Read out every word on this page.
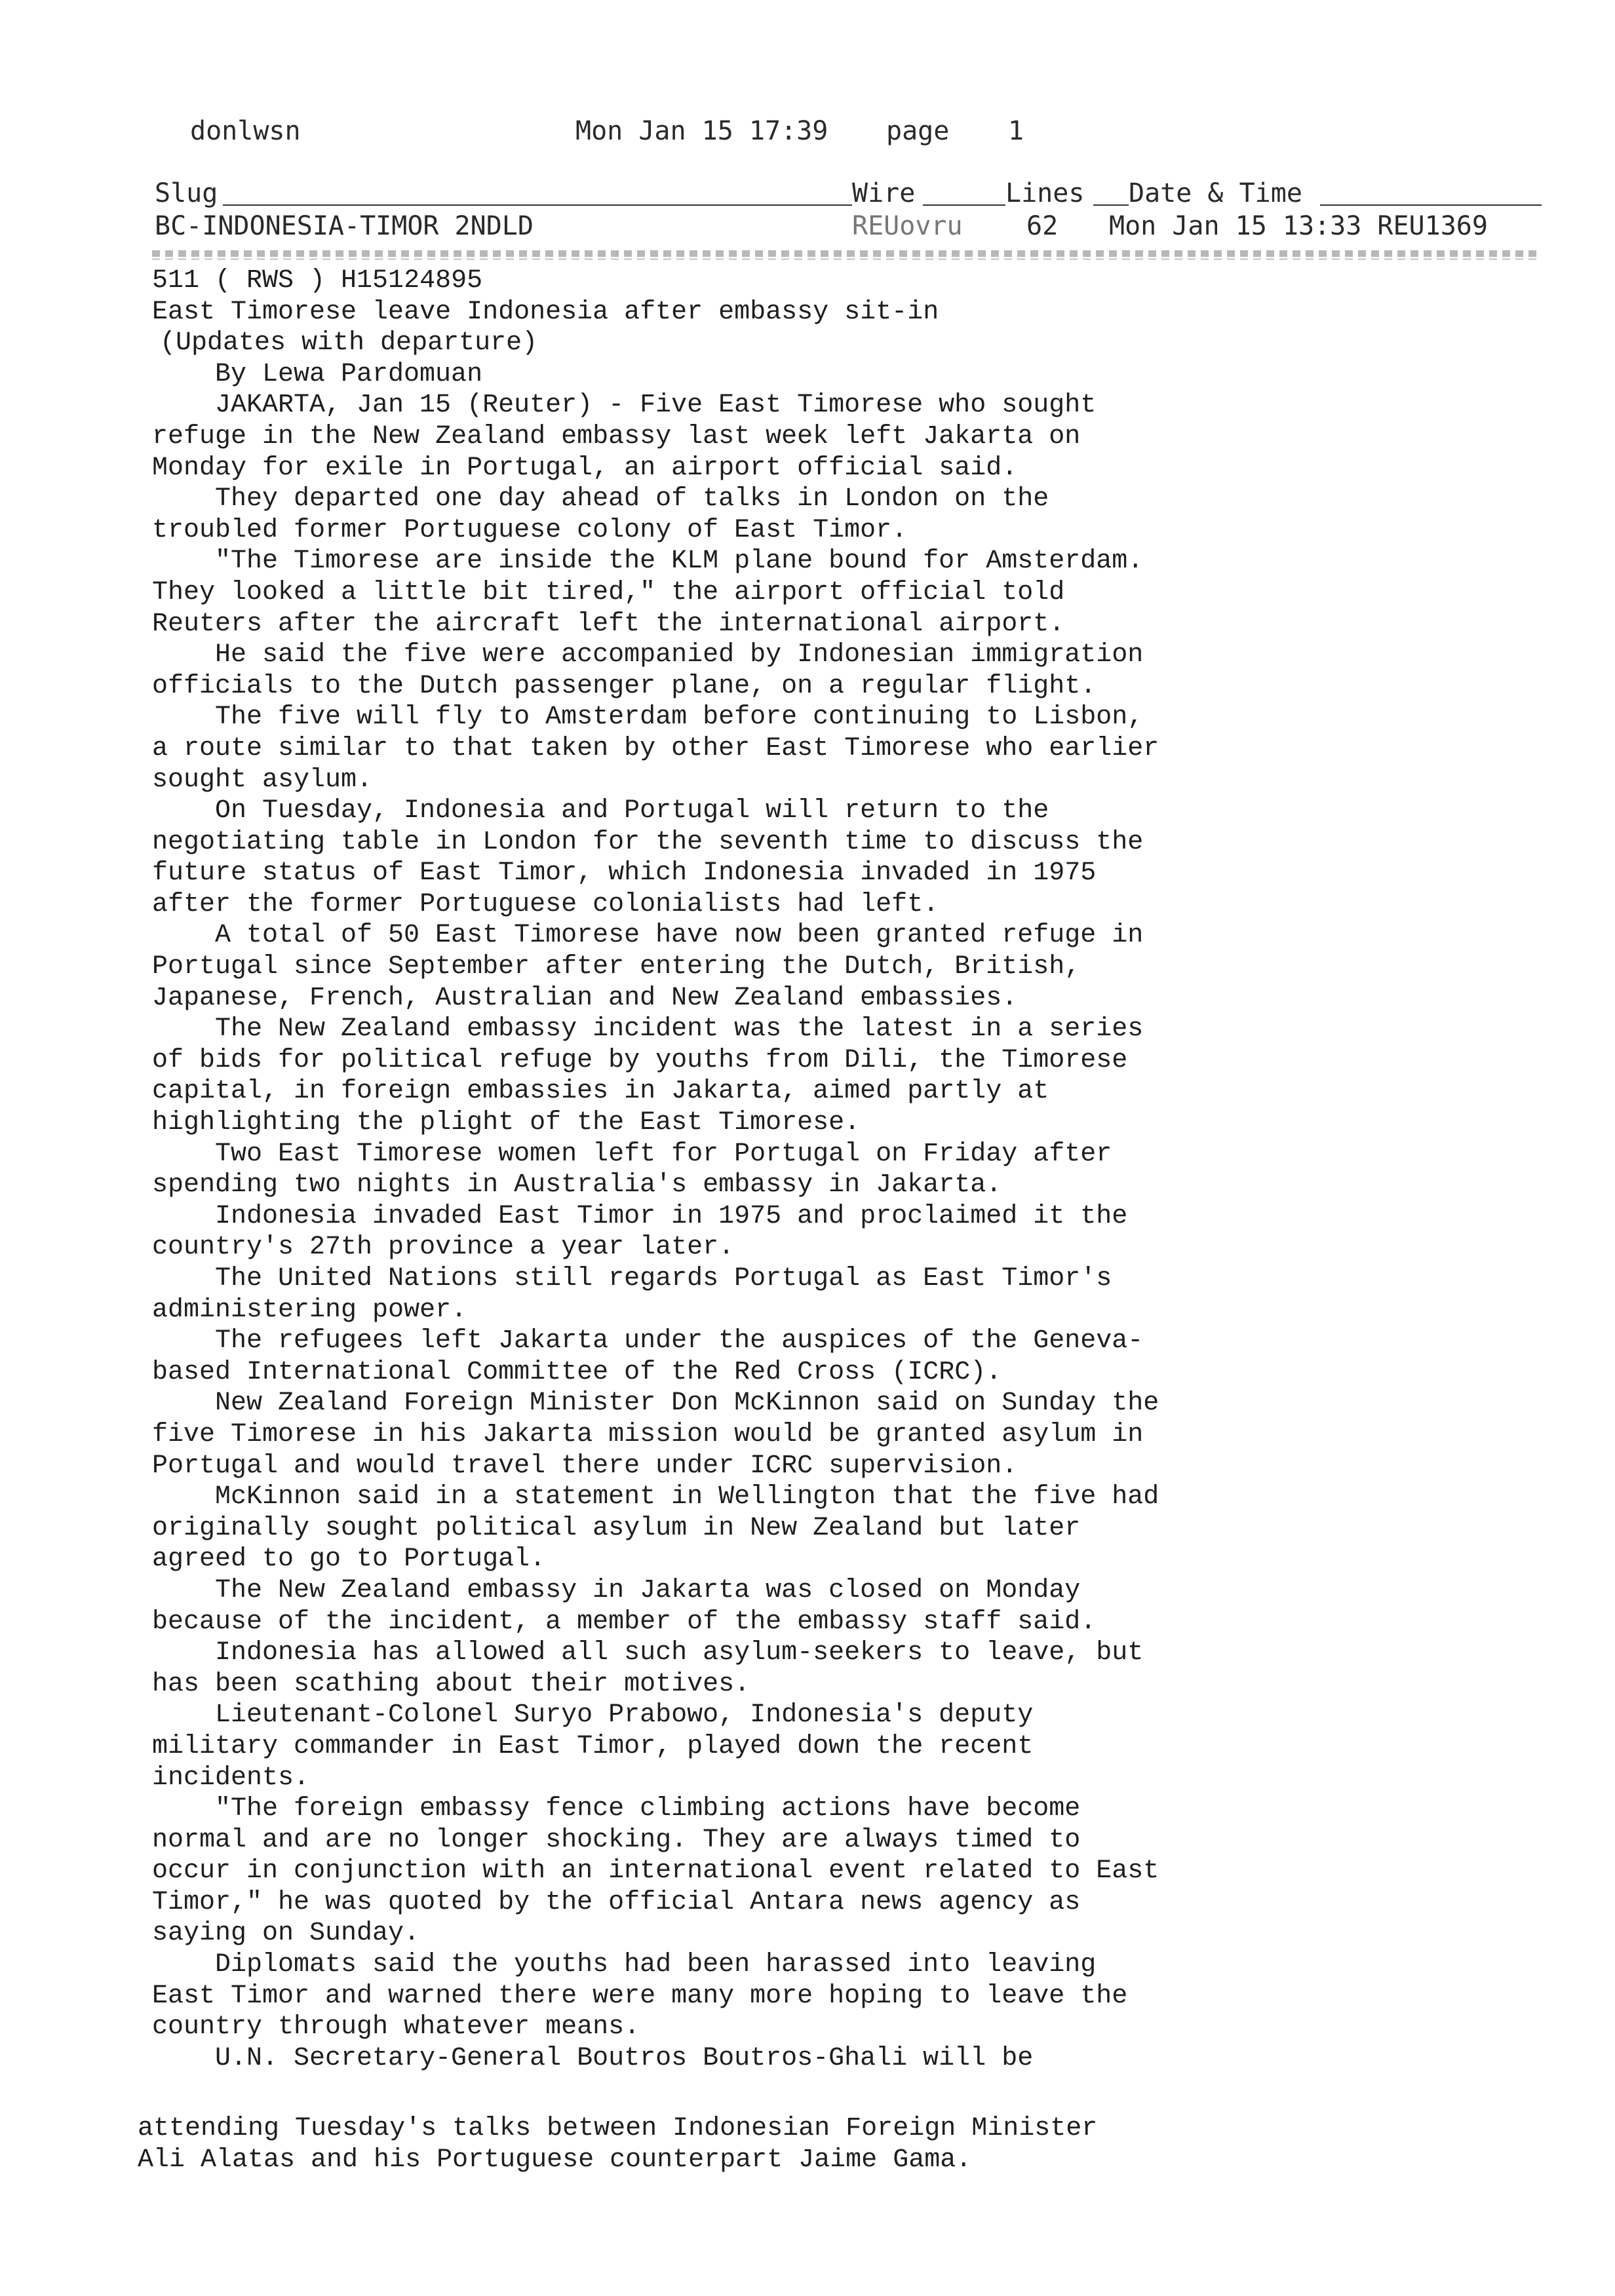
donlwsn	Mon Jan 15 17:39 page 1
Slug	Wire	Lines Date & Time
BC-INDONESIA-TIMOR 2NDLD	REUovru 62 Mon Jan 15 13:33 REU1369
511 ( RWS ) H15124895
East Timorese leave Indonesia after embassy sit-in
(Updates with departure)
By Lewa Pardomuan
JAKARTA, Jan 15 (Reuter) - Five East Timorese who sought
refuge in the New Zealand embassy last week left Jakarta on
Monday for exile in Portugal, an airport official said.
They departed one day ahead of talks in London on the
troubled former Portuguese colony of East Timor.
"The Timorese are inside the KLM plane bound for Amsterdam.
They looked a little bit tired," the airport official told
Reuters after the aircraft left the international airport.
He said the five were accompanied by Indonesian immigration
officials to the Dutch passenger plane, on a regular flight.
The five will fly to Amsterdam before continuing to Lisbon,
a route similar to that taken by other East Timorese who earlier
sought asylum.
On Tuesday, Indonesia and Portugal will return to the
negotiating table in London for the seventh time to discuss the
future status of East Timor, which Indonesia invaded in 1975
after the former Portuguese colonialists had left.
A total of 50 East Timorese have now been granted refuge in
Portugal since September after entering the Dutch, British,
Japanese, French, Australian and New Zealand embassies.
The New Zealand embassy incident was the latest in a series
of bids for political refuge by youths from Dili, the Timorese
capital, in foreign embassies in Jakarta, aimed partly at
highlighting the plight of the East Timorese.
Two East Timorese women left for Portugal on Friday after
spending two nights in Australia's embassy in Jakarta.
Indonesia invaded East Timor in 1975 and proclaimed it the
country's 27th province a year later.
The United Nations still regards Portugal as East Timor's
administering power.
The refugees left Jakarta under the auspices of the Geneva-
based International Committee of the Red Cross (ICRC).
New Zealand Foreign Minister Don McKinnon said on Sunday the
five Timorese in his Jakarta mission would be granted asylum in
Portugal and would travel there under ICRC supervision.
McKinnon said in a statement in Wellington that the five had
originally sought political asylum in New Zealand but later
agreed to go to Portugal.
The New Zealand embassy in Jakarta was closed on Monday
because of the incident, a member of the embassy staff said.
Indonesia has allowed all such asylum-seekers to leave, but
has been scathing about their motives.
Lieutenant-Colonel Suryo Prabowo, Indonesia's deputy
military commander in East Timor, played down the recent
incidents.
"The foreign embassy fence climbing actions have become
normal and are no longer shocking. They are always timed to
occur in conjunction with an international event related to East
Timor," he was quoted by the official Antara news agency as
saying on Sunday.
Diplomats said the youths had been harassed into leaving
East Timor and warned there were many more hoping to leave the
country through whatever means.
U.N. Secretary-General Boutros Boutros-Ghali will be
attending Tuesday's talks between Indonesian Foreign Minister
Ali Alatas and his Portuguese counterpart Jaime Gama.
